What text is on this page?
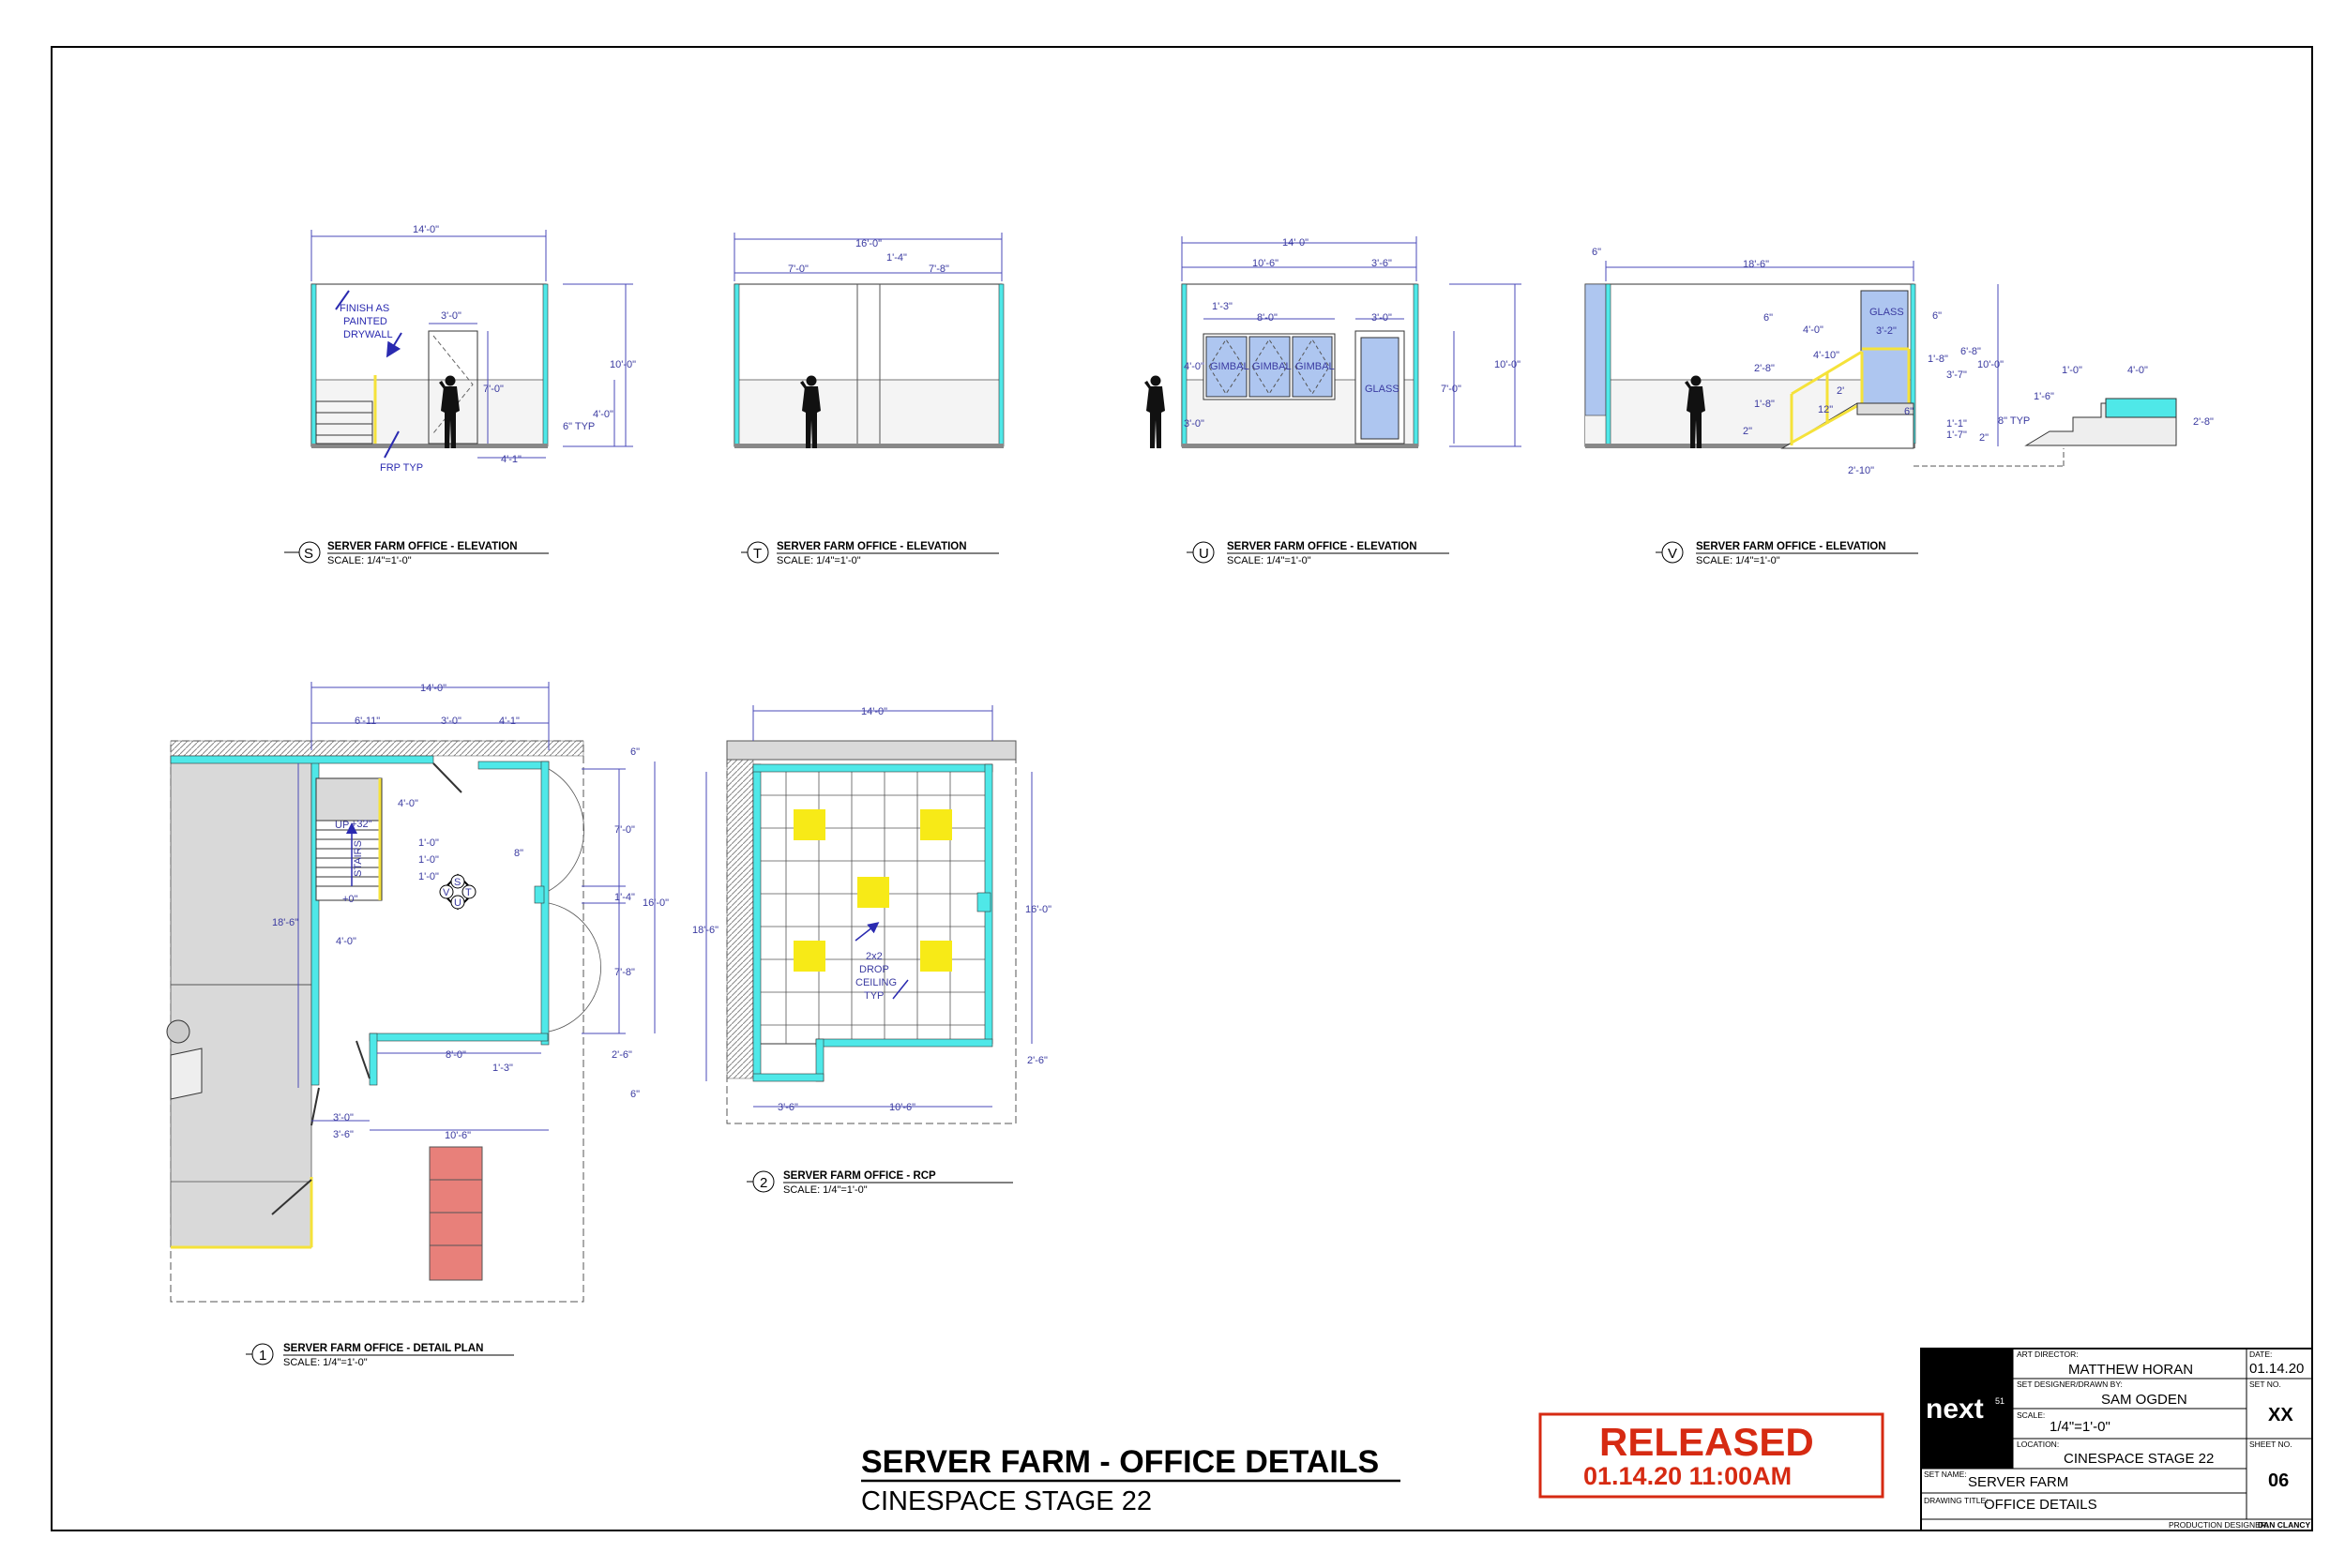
14'-0"
3'-0"
10'-0"
7'-0"
4'-0"
6" TYP
4'-1"
FINISH AS
PAINTED
DRYWALL
FRP TYP
S SERVER FARM OFFICE - ELEVATION
SCALE: 1/4"=1'-0"
16'-0"
7'-0"
1'-4"
7'-8"
T SERVER FARM OFFICE - ELEVATION
SCALE: 1/4"=1'-0"
GIMBAL GIMBAL GIMBAL
GLASS
14'-0"
10'-6"	3'-6"
1'-3"
8'-0"	3'-0"
4'-0"
3'-0"
10'-0"
7'-0"
U SERVER FARM OFFICE - ELEVATION
SCALE: 1/4"=1'-0"
GLASS
6"
18'-6"
6"	6"
4'-0"
4'-10"
2'-8"
1'-8"
2'
12"
2"
1'-1"
1'-7"
2'-10"
3'-2"
1'-8"
3'-7"
6'-8"
10'-0"	1'-0"	4'-0"
1'-6"
8" TYP	2'-8"
2"
6"
V SERVER FARM OFFICE - ELEVATION
SCALE: 1/4"=1'-0"
UP +32"
STAIRS
+0"
S
V T
U
14'-0"
6'-11"	3'-0"	4'-1"
6"
4'-0"
1'-0"
1'-0"
1'-0"
8"
7'-0"
1'-4" 16'-0"
18'-6"
4'-0"
7'-8"
8'-0"
1'-3"
2'-6"
6"
3'-0"
3'-6"	10'-6"
1 SERVER FARM OFFICE - DETAIL PLAN
SCALE: 1/4"=1'-0"
2x2
DROP
CEILING
TYP
14'-0"
18'-6"
16'-0"
2'-6"
3'-6"	10'-6"
2 SERVER FARM OFFICE - RCP
SCALE: 1/4"=1'-0"
SERVER FARM - OFFICE DETAILS
CINESPACE STAGE 22
RELEASED
01.14.20 11:00AM
next 51
ART DIRECTOR:
MATTHEW HORAN
SET DESIGNER/DRAWN BY:
SAM OGDEN
SCALE:
1/4"=1'-0"
LOCATION:
CINESPACE STAGE 22
SET NAME: SERVER FARM
DRAWING TITLE:
OFFICE DETAILS
DATE:
01.14.20
SET NO.
XX
SHEET NO.
06
PRODUCTION DESIGNER:
DAN CLANCY
